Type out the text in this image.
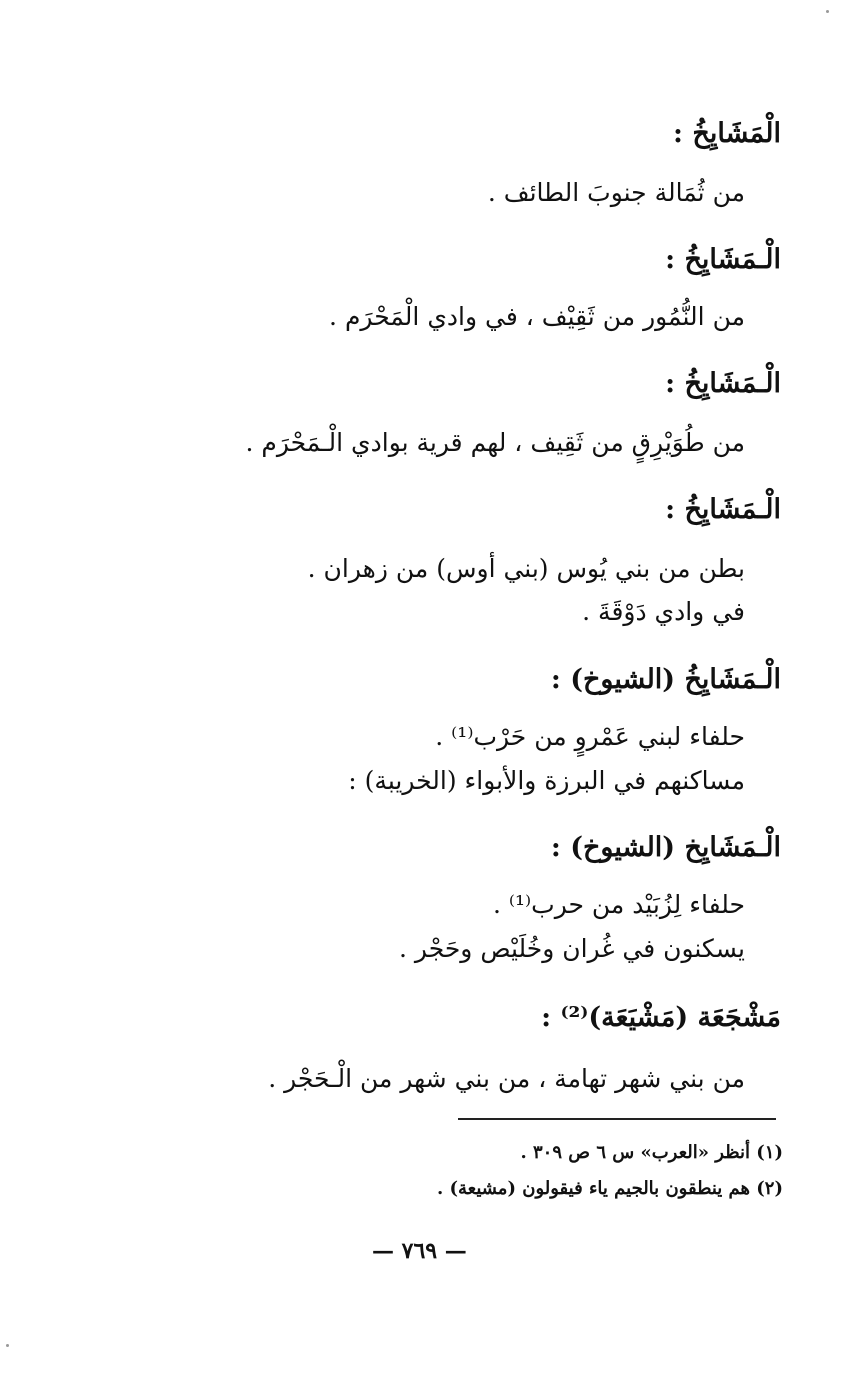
الْمَشَايِخُ :
من ثُمَالة جنوبَ الطائف .
الْـمَشَايِخُ :
من النُّمُور من ثَقِيْف ، في وادي الْمَحْرَم .
الْـمَشَايِخُ :
من طُوَيْرِقٍ من ثَقِيف ، لهم قرية بوادي الْـمَحْرَم .
الْـمَشَايِخُ :
بطن من بني يُوس (بني أوس) من زهران .
في وادي دَوْقَةَ .
الْـمَشَايِخُ (الشيوخ) :
حلفاء لبني عَمْروٍ من حَرْب⁽¹⁾ .
مساكنهم في البرزة والأبواء (الخريبة) :
الْـمَشَايِخ (الشيوخ) :
حلفاء لِزُبَيْد من حرب⁽¹⁾ .
يسكنون في غُران وخُلَيْص وحَجْر .
مَشْجَعَة (مَشْيَعَة)⁽²⁾ :
من بني شهر تهامة ، من بني شهر من الْـحَجْر .
(١) أنظر «العرب» س ٦ ص ٣٠٩ .
(٢) هم ينطقون بالجيم ياء فيقولون (مشيعة) .
— ٧٦٩ —
